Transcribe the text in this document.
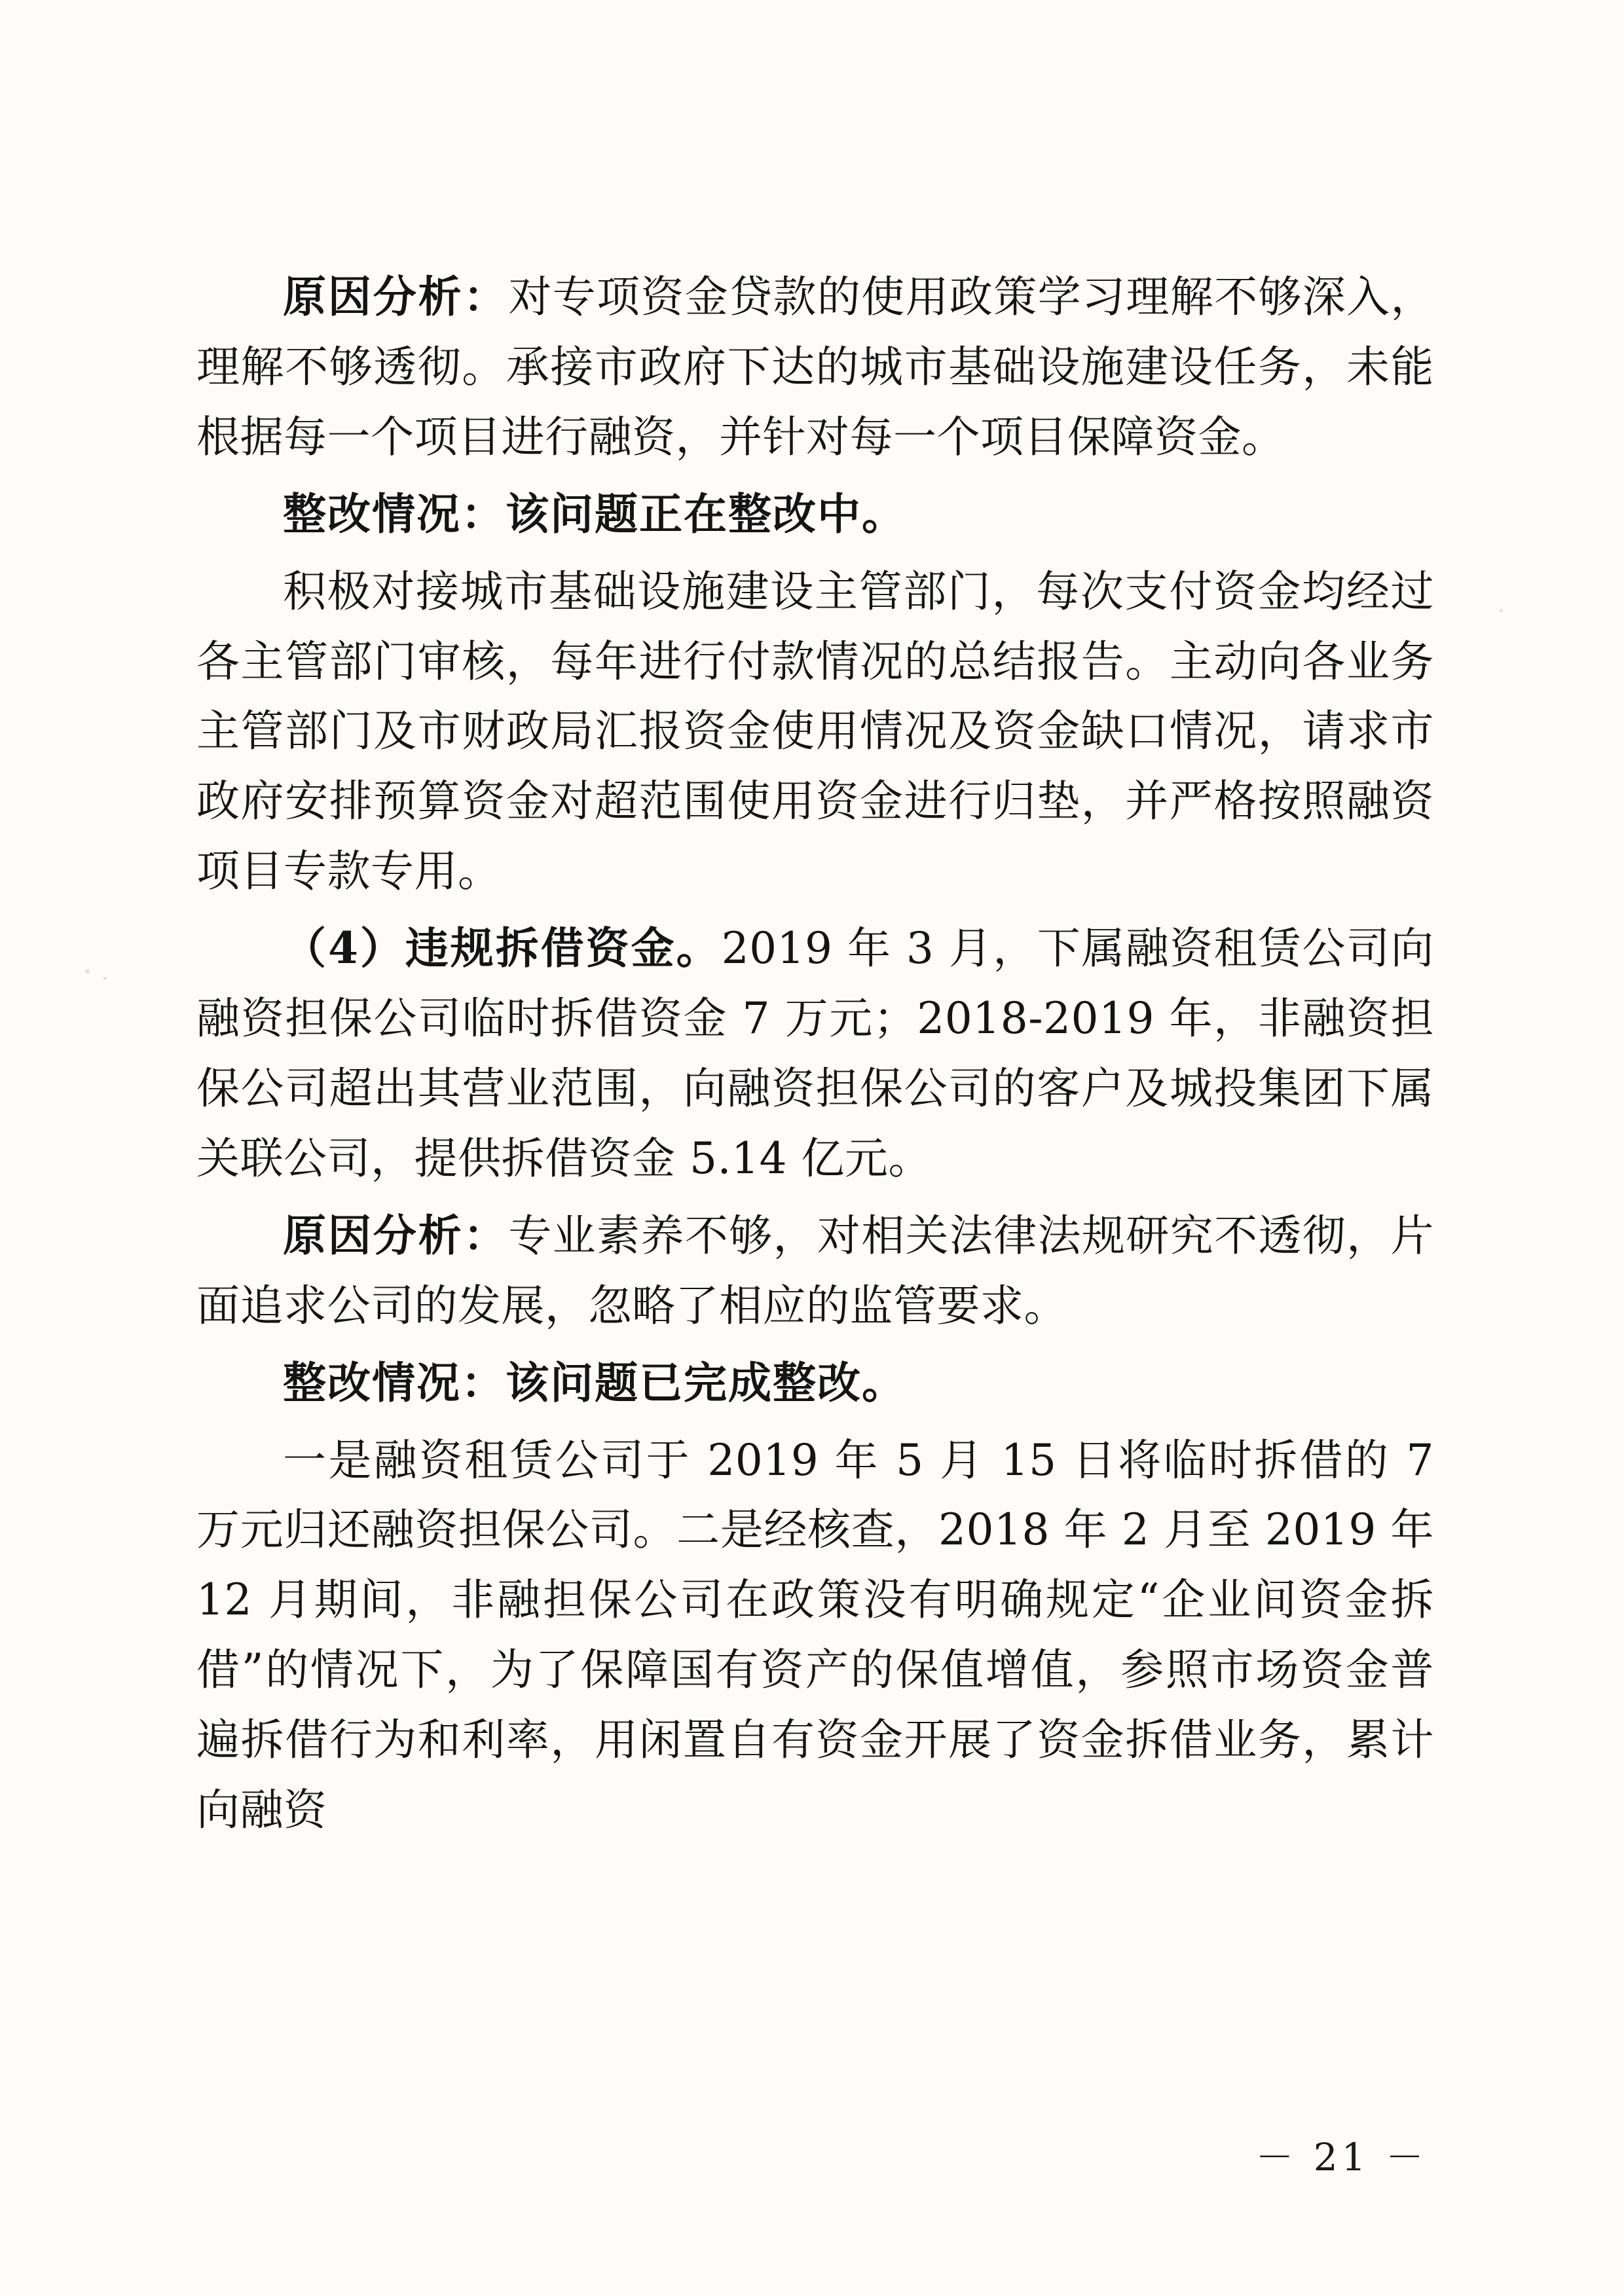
原因分析：对专项资金贷款的使用政策学习理解不够深入，理解不够透彻。承接市政府下达的城市基础设施建设任务，未能根据每一个项目进行融资，并针对每一个项目保障资金。

整改情况：该问题正在整改中。

积极对接城市基础设施建设主管部门，每次支付资金均经过各主管部门审核，每年进行付款情况的总结报告。主动向各业务主管部门及市财政局汇报资金使用情况及资金缺口情况，请求市政府安排预算资金对超范围使用资金进行归垫，并严格按照融资项目专款专用。

（4）违规拆借资金。2019 年 3 月，下属融资租赁公司向融资担保公司临时拆借资金 7 万元；2018-2019 年，非融资担保公司超出其营业范围，向融资担保公司的客户及城投集团下属关联公司，提供拆借资金 5.14 亿元。

原因分析：专业素养不够，对相关法律法规研究不透彻，片面追求公司的发展，忽略了相应的监管要求。

整改情况：该问题已完成整改。

一是融资租赁公司于 2019 年 5 月 15 日将临时拆借的 7 万元归还融资担保公司。二是经核查，2018 年 2 月至 2019 年 12 月期间，非融担保公司在政策没有明确规定“企业间资金拆借”的情况下，为了保障国有资产的保值增值，参照市场资金普遍拆借行为和利率，用闲置自有资金开展了资金拆借业务，累计向融资

－ 21 －
